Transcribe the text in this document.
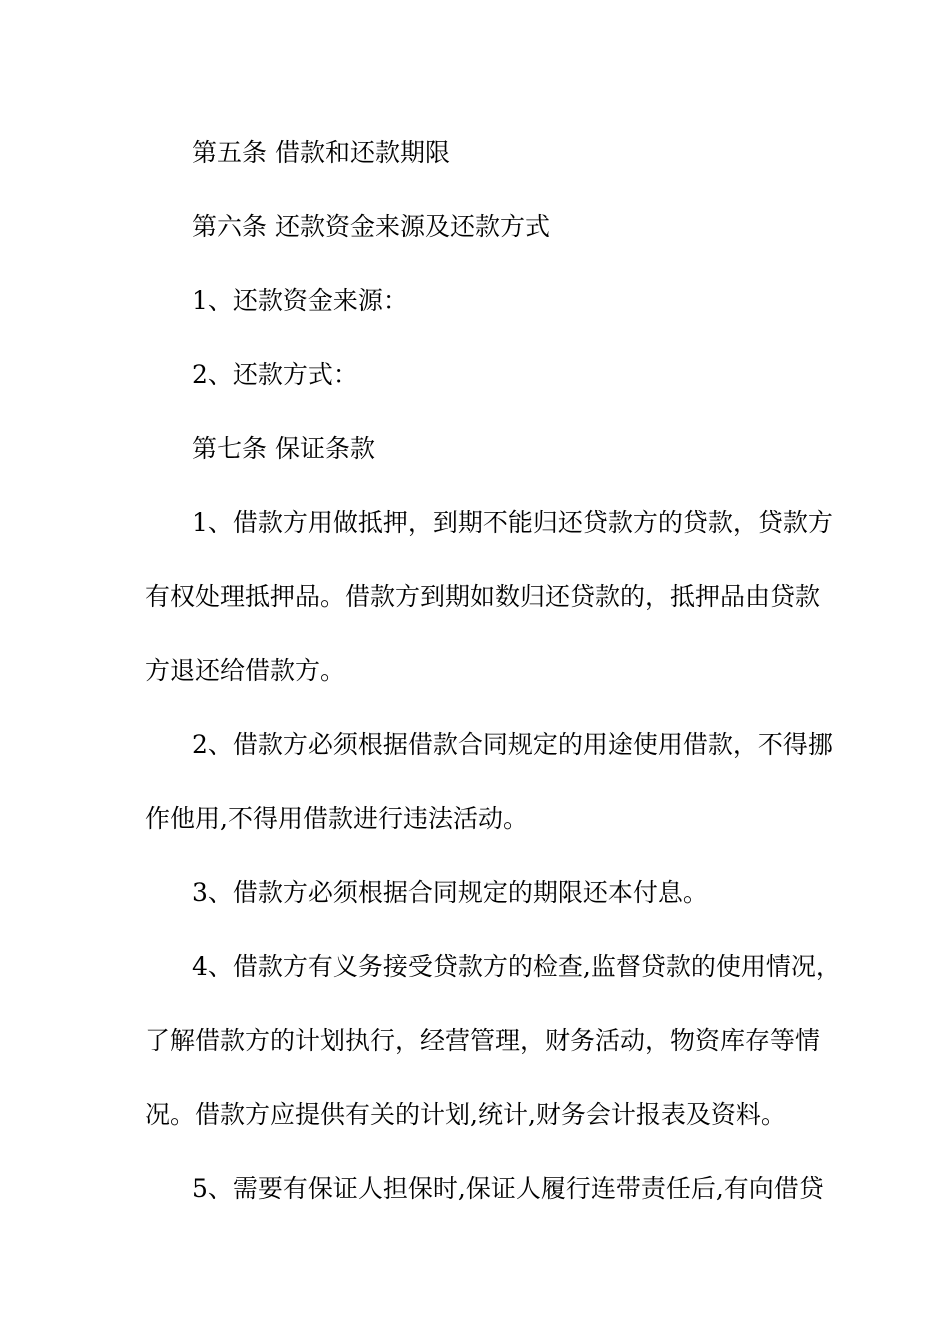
第五条 借款和还款期限

第六条 还款资金来源及还款方式

1、还款资金来源：

2、还款方式：

第七条 保证条款

1、借款方用做抵押，到期不能归还贷款方的贷款，贷款方
有权处理抵押品。借款方到期如数归还贷款的，抵押品由贷款
方退还给借款方。

2、借款方必须根据借款合同规定的用途使用借款，不得挪
作他用,不得用借款进行违法活动。

3、借款方必须根据合同规定的期限还本付息。

4、借款方有义务接受贷款方的检查,监督贷款的使用情况，
了解借款方的计划执行，经营管理，财务活动，物资库存等情
况。借款方应提供有关的计划,统计,财务会计报表及资料。

5、需要有保证人担保时,保证人履行连带责任后,有向借贷
